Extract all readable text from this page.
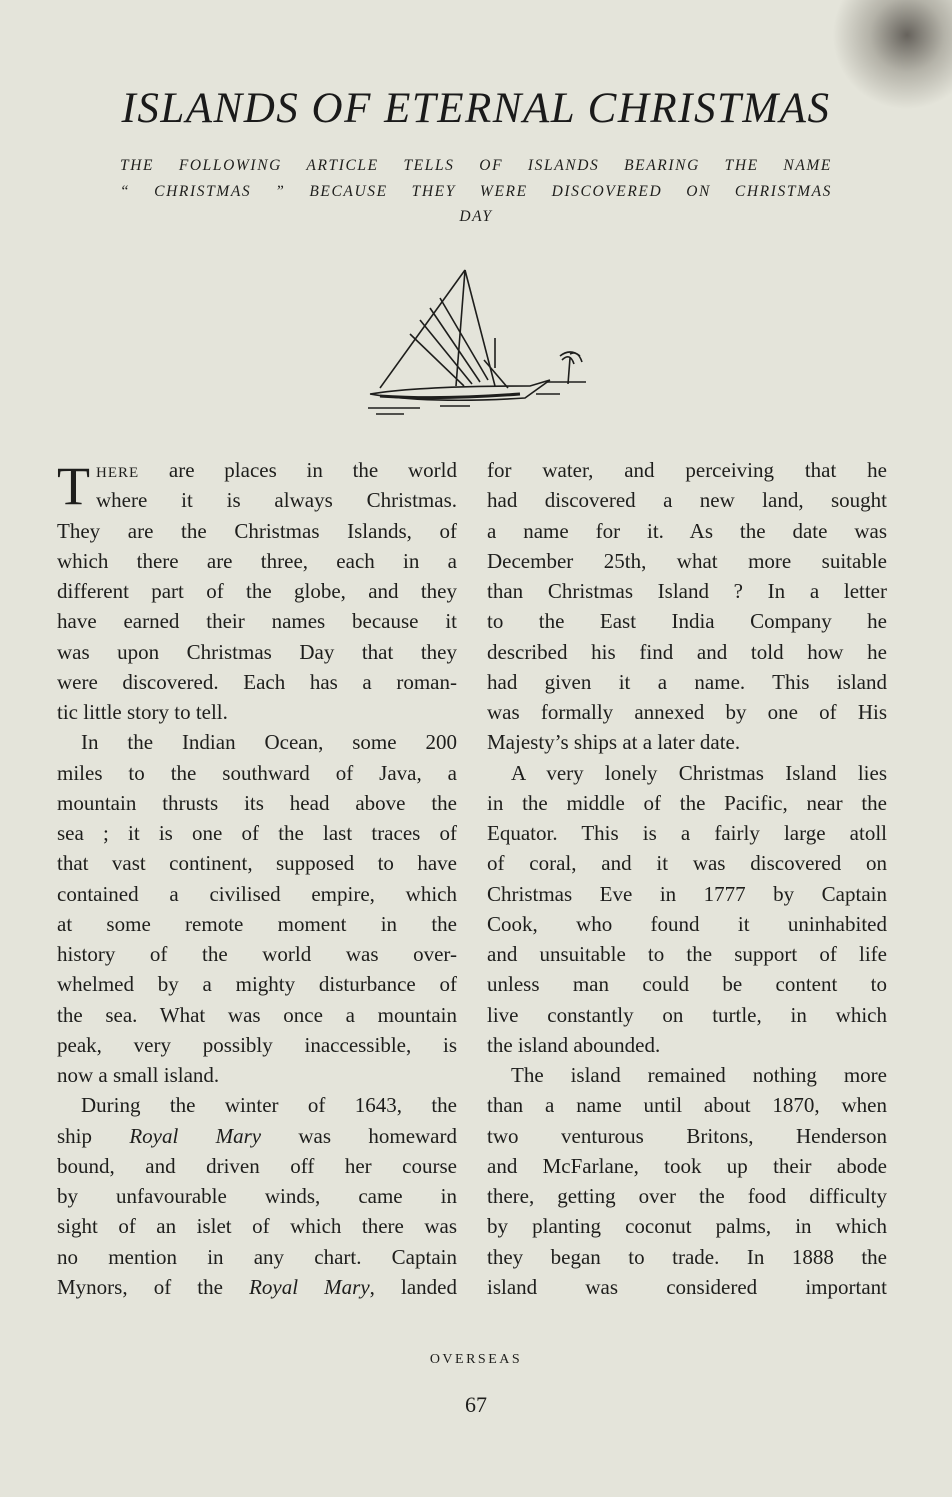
ISLANDS OF ETERNAL CHRISTMAS
THE FOLLOWING ARTICLE TELLS OF ISLANDS BEARING THE NAME
“ CHRISTMAS ” BECAUSE THEY WERE DISCOVERED ON CHRISTMAS
DAY
T HERE are places in the world
where it is always Christmas.
They are the Christmas Islands, of
which there are three, each in a
different part of the globe, and they
have earned their names because it
was upon Christmas Day that they
were discovered. Each has a roman-
tic little story to tell.
In the Indian Ocean, some 200
miles to the southward of Java, a
mountain thrusts its head above the
sea ; it is one of the last traces of
that vast continent, supposed to have
contained a civilised empire, which
at some remote moment in the
history of the world was over-
whelmed by a mighty disturbance of
the sea. What was once a mountain
peak, very possibly inaccessible, is
now a small island.
During the winter of 1643, the
ship Royal Mary was homeward
bound, and driven off her course
by unfavourable winds, came in
sight of an islet of which there was
no mention in any chart. Captain
Mynors, of the Royal Mary, landed
for water, and perceiving that he
had discovered a new land, sought
a name for it. As the date was
December 25th, what more suitable
than Christmas Island ? In a letter
to the East India Company he
described his find and told how he
had given it a name. This island
was formally annexed by one of His
Majesty’s ships at a later date.
A very lonely Christmas Island lies
in the middle of the Pacific, near the
Equator. This is a fairly large atoll
of coral, and it was discovered on
Christmas Eve in 1777 by Captain
Cook, who found it uninhabited
and unsuitable to the support of life
unless man could be content to
live constantly on turtle, in which
the island abounded.
The island remained nothing more
than a name until about 1870, when
two venturous Britons, Henderson
and McFarlane, took up their abode
there, getting over the food difficulty
by planting coconut palms, in which
they began to trade. In 1888 the
island was considered important
OVERSEAS
67
